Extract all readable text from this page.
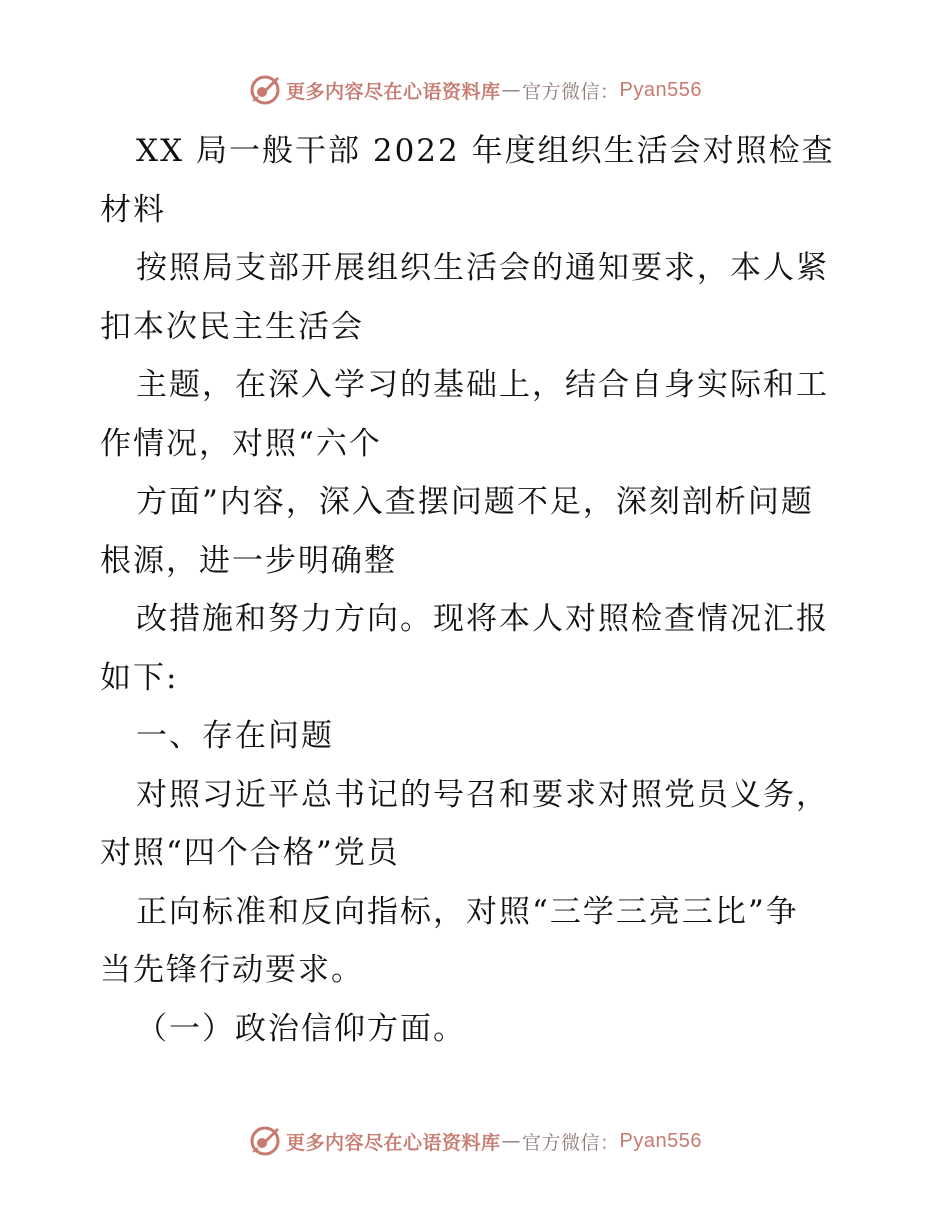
更多内容尽在心语资料库 — 官方微信： Pyan556
XX 局一般干部 2022 年度组织生活会对照检查
材料
按照局支部开展组织生活会的通知要求，本人紧
扣本次民主生活会
主题，在深入学习的基础上，结合自身实际和工
作情况，对照“六个
方面”内容，深入查摆问题不足，深刻剖析问题
根源，进一步明确整
改措施和努力方向。现将本人对照检查情况汇报
如下:
一、存在问题
对照习近平总书记的号召和要求对照党员义务，
对照“四个合格”党员
正向标准和反向指标，对照“三学三亮三比”争
当先锋行动要求。
（一）政治信仰方面。
更多内容尽在心语资料库 — 官方微信： Pyan556
